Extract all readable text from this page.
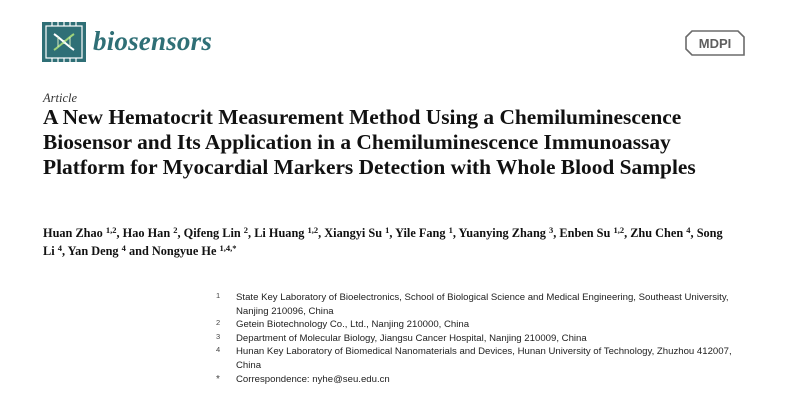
biosensors	MDPI
Article
A New Hematocrit Measurement Method Using a Chemiluminescence Biosensor and Its Application in a Chemiluminescence Immunoassay Platform for Myocardial Markers Detection with Whole Blood Samples

Huan Zhao $^{1,2}$, Hao Han $^2$, Qifeng Lin $^2$, Li Huang $^{1,2}$, Xiangyi Su $^1$, Yile Fang $^1$, Yuanying Zhang $^3$, Enben Su $^{1,2}$, Zhu Chen $^4$, Song Li $^4$, Yan Deng $^4$ and Nongyue He $^{1,4,*}$

1 State Key Laboratory of Bioelectronics, School of Biological Science and Medical Engineering, Southeast University, Nanjing 210096, China
2 Getein Biotechnology Co., Ltd., Nanjing 210000, China
3 Department of Molecular Biology, Jiangsu Cancer Hospital, Nanjing 210009, China
4 Hunan Key Laboratory of Biomedical Nanomaterials and Devices, Hunan University of Technology, Zhuzhou 412007, China
* Correspondence: nyhe@seu.edu.cn
